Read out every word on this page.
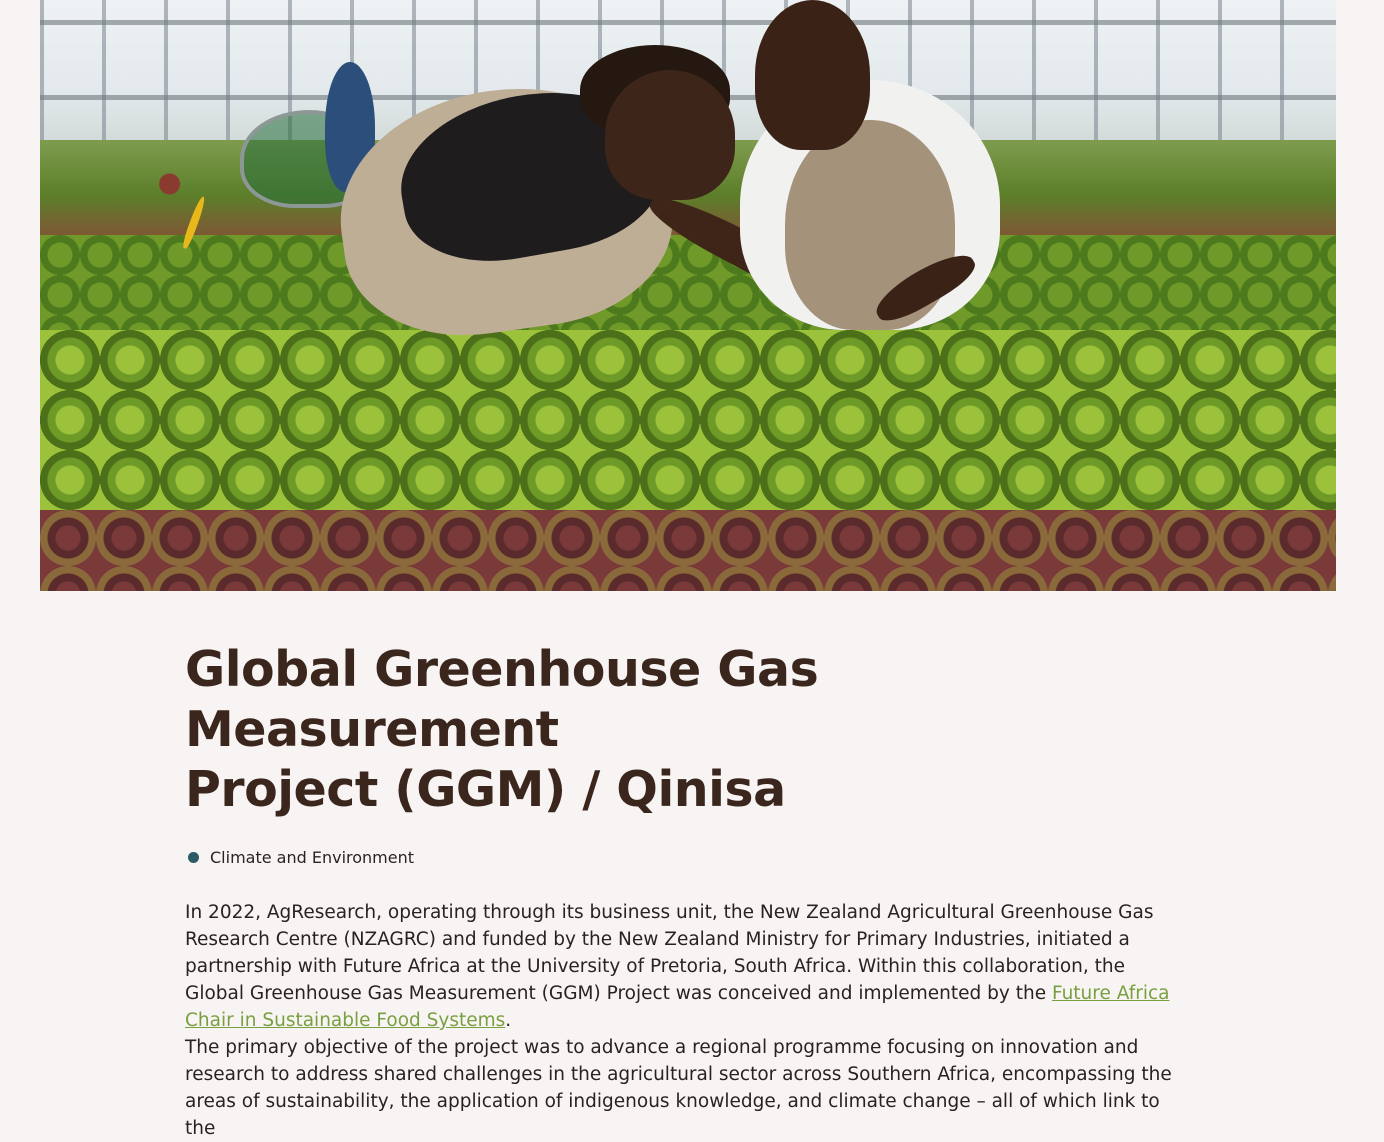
Global Greenhouse Gas Measurement
Project (GGM) / Qinisa
Climate and Environment

In 2022, AgResearch, operating through its business unit, the New Zealand Agricultural Greenhouse Gas Research Centre (NZAGRC) and funded by the New Zealand Ministry for Primary Industries, initiated a partnership with Future Africa at the University of Pretoria, South Africa. Within this collaboration, the Global Greenhouse Gas Measurement (GGM) Project was conceived and implemented by the Future Africa Chair in Sustainable Food Systems.

The primary objective of the project was to advance a regional programme focusing on innovation and research to address shared challenges in the agricultural sector across Southern Africa, encompassing the areas of sustainability, the application of indigenous knowledge, and climate change – all of which link to the
